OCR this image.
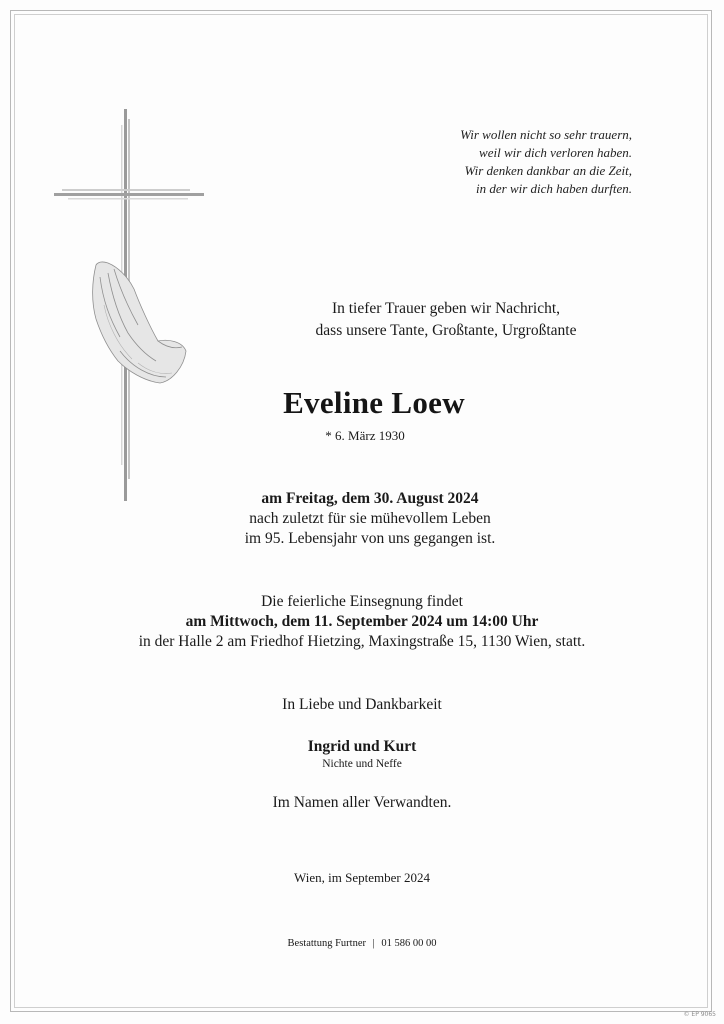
Wir wollen nicht so sehr trauern,
weil wir dich verloren haben.
Wir denken dankbar an die Zeit,
in der wir dich haben durften.
In tiefer Trauer geben wir Nachricht,
dass unsere Tante, Großtante, Urgroßtante
Eveline Loew
* 6. März 1930
am Freitag, dem 30. August 2024
nach zuletzt für sie mühevollem Leben
im 95. Lebensjahr von uns gegangen ist.
Die feierliche Einsegnung findet
am Mittwoch, dem 11. September 2024 um 14:00 Uhr
in der Halle 2 am Friedhof Hietzing, Maxingstraße 15, 1130 Wien, statt.
In Liebe und Dankbarkeit
Ingrid und Kurt
Nichte und Neffe
Im Namen aller Verwandten.
Wien, im September 2024
Bestattung Furtner | 01 586 00 00
© EP 9065
